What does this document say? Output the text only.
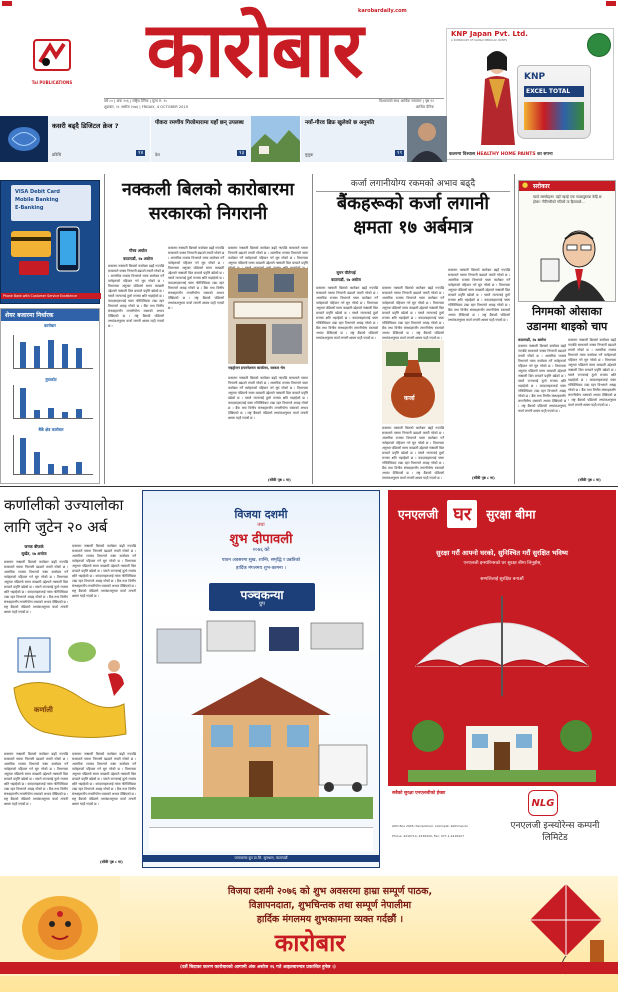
Tai PUBLICATIONS
karobardaily.com
कारोबार
वर्ष ८० | अंक २५६ | राष्ट्रिय दैनिक | मूल्य रु. १०
शुक्रबार, १८ असोज २०७६ | FRIDAY, 4 OCTOBER 2019
विश्वासको साथ आर्थिक समाचार | पृष्ठ १२
आर्थिक दैनिक
KNP Japan Pvt. Ltd.
A SUBSIDIARY OF KANSAI NEROLAC PAINTS
KNP
EXCEL TOTAL
कलरमा विश्वास HEALTHY HOME PAINTS का सपना
कसरी बढ्दै डिजिटल क्रेज ?
प्रविधि	१४
पीकरा रमणीय गिजोमारामा यहाँ छन् उपलब्ध
देश	१३
नयाँ-गौरव ब्रिफ्र खुलेको छ अनुमति
मुलुक	११
VISA Debit Card
Mobile Banking
E-Banking
Phone Bank with Customer Service Excellence
शेयर बजारमा निर्धारक
कारोबार
नुवाकोट
बैंकें क्षेत्र कारोबार
नक्कली बिलको कारोबारमा सरकारको निगरानी
गौरव अर्याल
काठमाडौं, १७ असोज
बजारमा नक्कली बिलको कारोबार बढ्दै गएपछि सरकारले यसमा निगरानी बढाउने तयारी गरेको छ । आन्तरिक राजस्व विभागले यस्ता कारोबार गर्ने फर्महरूको पहिचान गर्न सुरु गरेको छ । विभागका अनुसार पछिल्लो समय करछली उद्देश्यले नक्कली बिल बनाउने प्रवृत्ति बढेको छ । यसले राज्यलाई ठूलो राजस्व क्षति भइरहेको छ । करदाताहरूलाई यस्ता गतिविधिबाट टाढा रहन विभागले आग्रह गरेको छ । बैंक तथा वित्तीय संस्थाहरूसँग लगानीयोग्य रकमको अभाव देखिएको छ । राष्ट्र बैंकको पछिल्लो तथ्यांकअनुसार कर्जा लगानी क्षमता घट्दै गएको छ ।
बजारमा नक्कली बिलको कारोबार बढ्दै गएपछि सरकारले यसमा निगरानी बढाउने तयारी गरेको छ । आन्तरिक राजस्व विभागले यस्ता कारोबार गर्ने फर्महरूको पहिचान गर्न सुरु गरेको छ । विभागका अनुसार पछिल्लो समय करछली उद्देश्यले नक्कली बिल बनाउने प्रवृत्ति बढेको छ । यसले राज्यलाई ठूलो राजस्व क्षति भइरहेको छ । करदाताहरूलाई यस्ता गतिविधिबाट टाढा रहन विभागले आग्रह गरेको छ । बैंक तथा वित्तीय संस्थाहरूसँग लगानीयोग्य रकमको अभाव देखिएको छ । राष्ट्र बैंकको पछिल्लो तथ्यांकअनुसार कर्जा लगानी क्षमता घट्दै गएको छ ।
बजारमा नक्कली बिलको कारोबार बढ्दै गएपछि सरकारले यसमा निगरानी बढाउने तयारी गरेको छ । आन्तरिक राजस्व विभागले यस्ता कारोबार गर्ने फर्महरूको पहिचान गर्न सुरु गरेको छ । विभागका अनुसार पछिल्लो समय करछली उद्देश्यले नक्कली बिल बनाउने प्रवृत्ति
बजारमा नक्कली बिलको कारोबार बढ्दै गएपछि सरकारले यसमा निगरानी बढाउने तयारी गरेको छ । आन्तरिक राजस्व विभागले यस्ता कारोबार गर्ने फर्महरूको पहिचान गर्न सुरु गरेको छ । विभागका अनुसार पछिल्लो समय करछली उद्देश्यले नक्कली बिल बनाउने प्रवृत्ति बढेको छ । यसले राज्यलाई ठूलो राजस्व क्षति भइरहेको छ । करदाताहरूलाई यस्ता गतिविधिबाट टाढा रहन विभागले आग्रह गरेको छ । बैंक तथा वित्तीय संस्थाहरूसँग लगानीयोग्य रकमको अभाव देखिएको छ । राष्ट्र बैंकको पछिल्लो तथ्यांकअनुसार कर्जा लगानी क्षमता घट्दै गएको छ ।
(बाँकी पृष्ठ ८ मा)
नाइट्रोजन इन्टरनेशनल कार्यालय, सरकार भेम
कर्जा लगानीयोग्य रकमको अभाव बढ्दै
बैंकहरूको कर्जा लगानी क्षमता १७ अर्बमात्र
सुमन चौलेगाई
काठमाडौं, १७ असोज
बजारमा नक्कली बिलको कारोबार बढ्दै गएपछि सरकारले यसमा निगरानी बढाउने तयारी गरेको छ । आन्तरिक राजस्व विभागले यस्ता कारोबार गर्ने फर्महरूको पहिचान गर्न सुरु गरेको छ । विभागका अनुसार पछिल्लो समय करछली उद्देश्यले नक्कली बिल बनाउने प्रवृत्ति बढेको छ । यसले राज्यलाई ठूलो राजस्व क्षति भइरहेको छ । करदाताहरूलाई यस्ता गतिविधिबाट टाढा रहन विभागले आग्रह गरेको छ । बैंक तथा वित्तीय संस्थाहरूसँग लगानीयोग्य रकमको अभाव देखिएको छ । राष्ट्र बैंकको पछिल्लो तथ्यांकअनुसार कर्जा लगानी क्षमता घट्दै गएको छ ।
बजारमा नक्कली बिलको कारोबार बढ्दै गएपछि सरकारले यसमा निगरानी बढाउने तयारी गरेको छ । आन्तरिक राजस्व विभागले यस्ता कारोबार गर्ने फर्महरूको पहिचान गर्न सुरु गरेको छ । विभागका अनुसार पछिल्लो समय करछली उद्देश्यले नक्कली बिल बनाउने प्रवृत्ति बढेको छ । यसले राज्यलाई ठूलो राजस्व क्षति भइरहेको छ । करदाताहरूलाई यस्ता गतिविधिबाट टाढा रहन विभागले आग्रह गरेको छ । बैंक तथा वित्तीय संस्थाहरूसँग लगानीयोग्य रकमको अभाव देखिएको छ । राष्ट्र बैंकको पछिल्लो तथ्यांकअनुसार कर्जा लगानी क्षमता घट्दै गएको छ ।
बजारमा नक्कली बिलको कारोबार बढ्दै गएपछि सरकारले यसमा निगरानी बढाउने तयारी गरेको छ । आन्तरिक राजस्व विभागले यस्ता कारोबार गर्ने फर्महरूको पहिचान गर्न सुरु गरेको छ । विभागका अनुसार पछिल्लो समय करछली उद्देश्यले नक्कली बिल बनाउने प्रवृत्ति बढेको छ । यसले राज्यलाई ठूलो राजस्व क्षति भइरहेको छ । करदाताहरूलाई यस्ता गतिविधिबाट टाढा रहन विभागले आग्रह गरेको छ । बैंक तथा वित्तीय संस्थाहरूसँग लगानीयोग्य रकमको अभाव देखिएको छ । राष्ट्र बैंकको पछिल्लो तथ्यांकअनुसार कर्जा लगानी क्षमता घट्दै गएको छ ।
बजारमा नक्कली बिलको कारोबार बढ्दै गएपछि सरकारले यसमा निगरानी बढाउने तयारी गरेको छ । आन्तरिक राजस्व विभागले यस्ता कारोबार गर्ने फर्महरूको पहिचान गर्न सुरु गरेको छ । विभागका अनुसार पछिल्लो समय करछली उद्देश्यले नक्कली बिल बनाउने प्रवृत्ति बढेको छ । यसले राज्यलाई ठूलो राजस्व क्षति भइरहेको छ । करदाताहरूलाई यस्ता गतिविधिबाट टाढा रहन विभागले आग्रह गरेको छ । बैंक तथा वित्तीय संस्थाहरूसँग लगानीयोग्य रकमको अभाव देखिएको छ । राष्ट्र बैंकको पछिल्लो तथ्यांकअनुसार कर्जा लगानी क्षमता घट्दै गएको छ ।
(बाँकी पृष्ठ ८ मा)
कर्जा
● सरोकार
म्याडे सरस्केहरू! यहाँ गइरहे एक पाठ्यपुस्तक केहि छ होला! नीतिगरीको गतिलो ता हिसाबले...
निगमको ओसाका उडानमा थाइको चाप
काठमाडौं, १७ असोज
बजारमा नक्कली बिलको कारोबार बढ्दै गएपछि सरकारले यसमा निगरानी बढाउने तयारी गरेको छ । आन्तरिक राजस्व विभागले यस्ता कारोबार गर्ने फर्महरूको पहिचान गर्न सुरु गरेको छ । विभागका अनुसार पछिल्लो समय करछली उद्देश्यले नक्कली बिल बनाउने प्रवृत्ति बढेको छ । यसले राज्यलाई ठूलो राजस्व क्षति भइरहेको छ । करदाताहरूलाई यस्ता गतिविधिबाट टाढा रहन विभागले आग्रह गरेको छ । बैंक तथा वित्तीय संस्थाहरूसँग लगानीयोग्य रकमको अभाव देखिएको छ । राष्ट्र बैंकको पछिल्लो तथ्यांकअनुसार कर्जा लगानी क्षमता घट्दै गएको छ ।
बजारमा नक्कली बिलको कारोबार बढ्दै गएपछि सरकारले यसमा निगरानी बढाउने तयारी गरेको छ । आन्तरिक राजस्व विभागले यस्ता कारोबार गर्ने फर्महरूको पहिचान गर्न सुरु गरेको छ । विभागका अनुसार पछिल्लो समय करछली उद्देश्यले नक्कली बिल बनाउने प्रवृत्ति बढेको छ । यसले राज्यलाई ठूलो राजस्व क्षति भइरहेको छ । करदाताहरूलाई यस्ता गतिविधिबाट टाढा रहन विभागले आग्रह गरेको छ । बैंक तथा वित्तीय संस्थाहरूसँग लगानीयोग्य रकमको अभाव देखिएको छ । राष्ट्र बैंकको पछिल्लो तथ्यांकअनुसार कर्जा लगानी क्षमता घट्दै गएको छ ।
(बाँकी पृष्ठ ८ मा)
कर्णालीको उज्यालोका लागि जुटेन २० अर्ब
जनक बीफर्क
सुर्खेत, १७ असोज
बजारमा नक्कली बिलको कारोबार बढ्दै गएपछि सरकारले यसमा निगरानी बढाउने तयारी गरेको छ । आन्तरिक राजस्व विभागले यस्ता कारोबार गर्ने फर्महरूको पहिचान गर्न सुरु गरेको छ । विभागका अनुसार पछिल्लो समय करछली उद्देश्यले नक्कली बिल बनाउने प्रवृत्ति बढेको छ । यसले राज्यलाई ठूलो राजस्व क्षति भइरहेको छ । करदाताहरूलाई यस्ता गतिविधिबाट टाढा रहन विभागले आग्रह गरेको छ । बैंक तथा वित्तीय संस्थाहरूसँग लगानीयोग्य रकमको अभाव देखिएको छ । राष्ट्र बैंकको पछिल्लो तथ्यांकअनुसार कर्जा लगानी क्षमता घट्दै गएको छ ।
बजारमा नक्कली बिलको कारोबार बढ्दै गएपछि सरकारले यसमा निगरानी बढाउने तयारी गरेको छ । आन्तरिक राजस्व विभागले यस्ता कारोबार गर्ने फर्महरूको पहिचान गर्न सुरु गरेको छ । विभागका अनुसार पछिल्लो समय करछली उद्देश्यले नक्कली बिल बनाउने प्रवृत्ति बढेको छ । यसले राज्यलाई ठूलो राजस्व क्षति भइरहेको छ । करदाताहरूलाई यस्ता गतिविधिबाट टाढा रहन विभागले आग्रह गरेको छ । बैंक तथा वित्तीय संस्थाहरूसँग लगानीयोग्य रकमको अभाव देखिएको छ । राष्ट्र बैंकको पछिल्लो तथ्यांकअनुसार कर्जा लगानी क्षमता घट्दै गएको छ ।
कर्णाली
बजारमा नक्कली बिलको कारोबार बढ्दै गएपछि सरकारले यसमा निगरानी बढाउने तयारी गरेको छ । आन्तरिक राजस्व विभागले यस्ता कारोबार गर्ने फर्महरूको पहिचान गर्न सुरु गरेको छ । विभागका अनुसार पछिल्लो समय करछली उद्देश्यले नक्कली बिल बनाउने प्रवृत्ति बढेको छ । यसले राज्यलाई ठूलो राजस्व क्षति भइरहेको छ । करदाताहरूलाई यस्ता गतिविधिबाट टाढा रहन विभागले आग्रह गरेको छ । बैंक तथा वित्तीय संस्थाहरूसँग लगानीयोग्य रकमको अभाव देखिएको छ । राष्ट्र बैंकको पछिल्लो तथ्यांकअनुसार कर्जा लगानी क्षमता घट्दै गएको छ ।
बजारमा नक्कली बिलको कारोबार बढ्दै गएपछि सरकारले यसमा निगरानी बढाउने तयारी गरेको छ । आन्तरिक राजस्व विभागले यस्ता कारोबार गर्ने फर्महरूको पहिचान गर्न सुरु गरेको छ । विभागका अनुसार पछिल्लो समय करछली उद्देश्यले नक्कली बिल बनाउने प्रवृत्ति बढेको छ । यसले राज्यलाई ठूलो राजस्व क्षति भइरहेको छ । करदाताहरूलाई यस्ता गतिविधिबाट टाढा रहन विभागले आग्रह गरेको छ । बैंक तथा वित्तीय संस्थाहरूसँग लगानीयोग्य रकमको अभाव देखिएको छ । राष्ट्र बैंकको पछिल्लो तथ्यांकअनुसार कर्जा लगानी क्षमता घट्दै गएको छ ।
(बाँकी पृष्ठ ८ मा)
विजया दशमी
तथा
शुभ दीपावली
२०७६ को
पावन अवसरमा सुख, शान्ति, समृद्धि र उन्नतिको
हार्दिक मंगलमय शुभ-कामना ।
पञ्चकन्या
ग्रुप
पञ्चकन्या ग्रुप प्रा.लि. सुनधारा, काठमाडौं
एनएलजी घर सुरक्षा बीमा
सुरक्षा गरौं आफ्नो घरको, सुनिश्चित गरौं सुरक्षित भविष्य
एनएलजी इन्स्योरेन्सको घर सुरक्षा बीमा लिनुहोस्
सम्पत्तिलाई सुरक्षित बनाऔं
सबैको सुरक्षा एनएलजीको ईच्छा
GPO Box 2905, Panipokhari, Lazimpat, Kathmandu
Phone: 4416714, 4436420, Fax: 977-1-4416427
NLG
एनएलजी इन्स्योरेन्स कम्पनी लिमिटेड
विजया दशमी २०७६ को शुभ अवसरमा हाम्रा सम्पूर्ण पाठक,
विज्ञापनदाता, शुभचिन्तक तथा सम्पूर्ण नेपालीमा
हार्दिक मंगलमय शुभकामना व्यक्त गर्दछौं ।
कारोबार
(दशैं बिदाका कारण कारोबारको आगामी अंक असोज २६ गते आइतबारमात्र प्रकाशित हुनेछ ।)
